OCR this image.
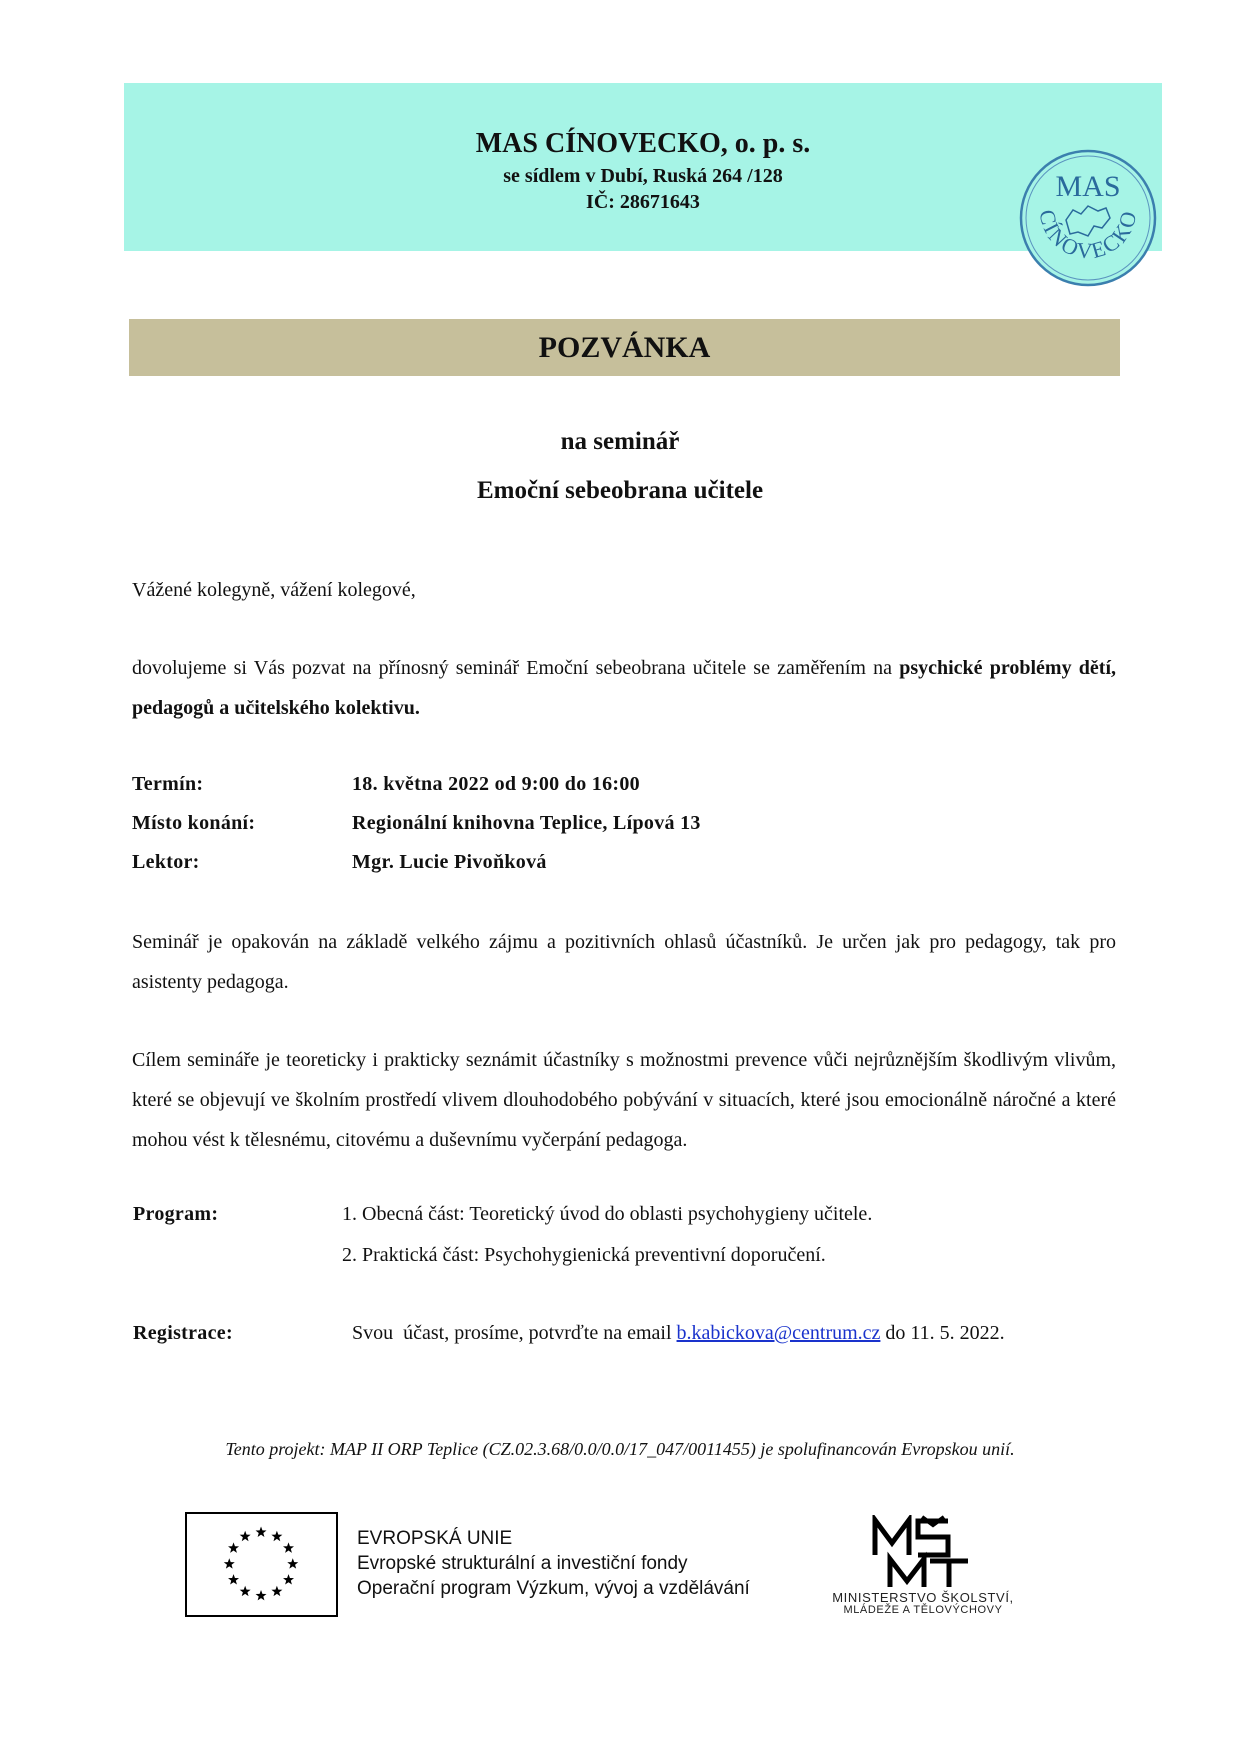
MAS CÍNOVECKO, o. p. s.
se sídlem v Dubí, Ruská 264 /128
IČ: 28671643	MAS
CÍNOVECKO
POZVÁNKA
na seminář
Emoční sebeobrana učitele
Vážené kolegyně, vážení kolegové,
dovolujeme si Vás pozvat na přínosný seminář Emoční sebeobrana učitele se zaměřením na psychické problémy dětí, pedagogů a učitelského kolektivu.
Termín:	18. května 2022 od 9:00 do 16:00
Místo konání:	Regionální knihovna Teplice, Lípová 13
Lektor:	Mgr. Lucie Pivoňková
Seminář je opakován na základě velkého zájmu a pozitivních ohlasů účastníků. Je určen jak pro pedagogy, tak pro asistenty pedagoga.
Cílem semináře je teoreticky i prakticky seznámit účastníky s možnostmi prevence vůči nejrůznějším škodlivým vlivům, které se objevují ve školním prostředí vlivem dlouhodobého pobývání v situacích, které jsou emocionálně náročné a které mohou vést k tělesnému, citovému a duševnímu vyčerpání pedagoga.
Program:	1. Obecná část: Teoretický úvod do oblasti psychohygieny učitele.
2. Praktická část: Psychohygienická preventivní doporučení.
Registrace:	Svou  účast, prosíme, potvrďte na email b.kabickova@centrum.cz do 11. 5. 2022.
Tento projekt: MAP II ORP Teplice (CZ.02.3.68/0.0/0.0/17_047/0011455) je spolufinancován Evropskou unií.
EVROPSKÁ UNIE
Evropské strukturální a investiční fondy
Operační program Výzkum, vývoj a vzdělávání	MINISTERSTVO ŠKOLSTVÍ,
MLÁDEŽE A TĚLOVÝCHOVY
